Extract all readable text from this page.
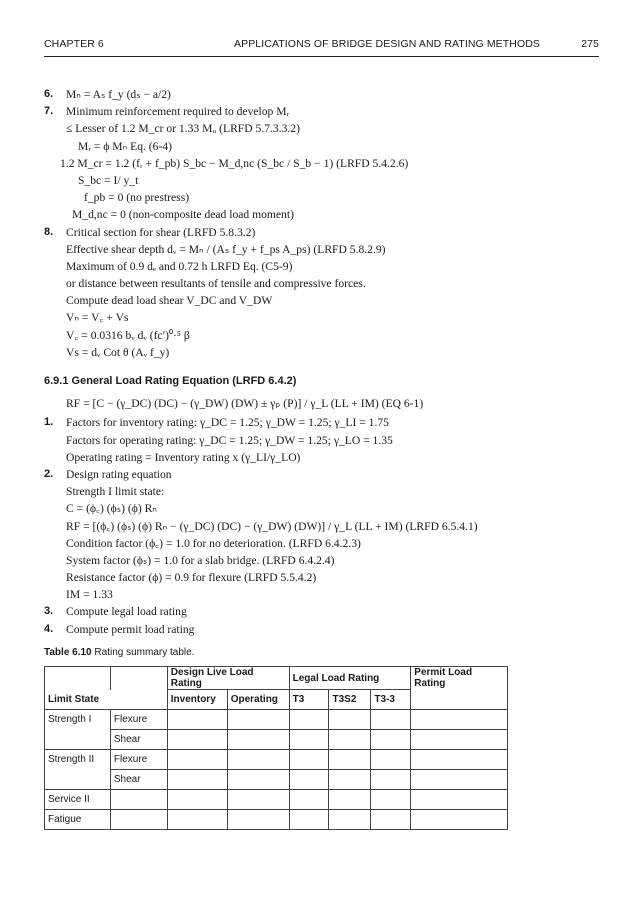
CHAPTER 6	APPLICATIONS OF BRIDGE DESIGN AND RATING METHODS	275
6. Mₙ = Aₛ f_y (dₛ − a/2)
7. Minimum reinforcement required to develop Mᵣ
≤ Lesser of 1.2 M_cr or 1.33 Mᵤ (LRFD 5.7.3.3.2)
Mᵣ = ϕ Mₙ Eq. (6-4)
1.2 M_cr = 1.2 (fᵣ + f_pb) S_bc − M_d,nc (S_bc / S_b − 1) (LRFD 5.4.2.6)
S_bc = I/ y_t
f_pb = 0 (no prestress)
M_d,nc = 0 (non-composite dead load moment)
8. Critical section for shear (LRFD 5.8.3.2)
Effective shear depth dᵥ = Mₙ / (Aₛ f_y + f_ps A_ps) (LRFD 5.8.2.9)
Maximum of 0.9 dₑ and 0.72 h LRFD Eq. (C5-9)
or distance between resultants of tensile and compressive forces.
Compute dead load shear V_DC and V_DW
Vₙ = V꜀ + Vs
V꜀ = 0.0316 bᵥ dᵥ (fc′)⁰·⁵ β
Vs = dᵥ Cot θ (Aᵥ f_y)
6.9.1 General Load Rating Equation (LRFD 6.4.2)
RF = [C − (γ_DC) (DC) − (γ_DW) (DW) ± γₚ (P)] / γ_L (LL + IM) (EQ 6-1)
1. Factors for inventory rating: γ_DC = 1.25; γ_DW = 1.25; γ_LI = 1.75
Factors for operating rating: γ_DC = 1.25; γ_DW = 1.25; γ_LO = 1.35
Operating rating = Inventory rating x (γ_LI/γ_LO)
2. Design rating equation
Strength I limit state:
C = (ϕ꜀) (ϕₛ) (ϕ) Rₙ
RF = [(ϕ꜀) (ϕₛ) (ϕ) Rₙ − (γ_DC) (DC) − (γ_DW) (DW)] / γ_L (LL + IM) (LRFD 6.5.4.1)
Condition factor (ϕ꜀) = 1.0 for no deterioration. (LRFD 6.4.2.3)
System factor (ϕₛ) = 1.0 for a slab bridge. (LRFD 6.4.2.4)
Resistance factor (ϕ) = 0.9 for flexure (LRFD 5.5.4.2)
IM = 1.33
3. Compute legal load rating
4. Compute permit load rating
Table 6.10 Rating summary table.
		Design Live Load Rating		Legal Load Rating			Permit Load Rating
Limit State		Inventory	Operating	T3	T3S2	T3-3	
Strength I	Flexure						
	Shear						
Strength II	Flexure						
	Shear						
Service II							
Fatigue							
